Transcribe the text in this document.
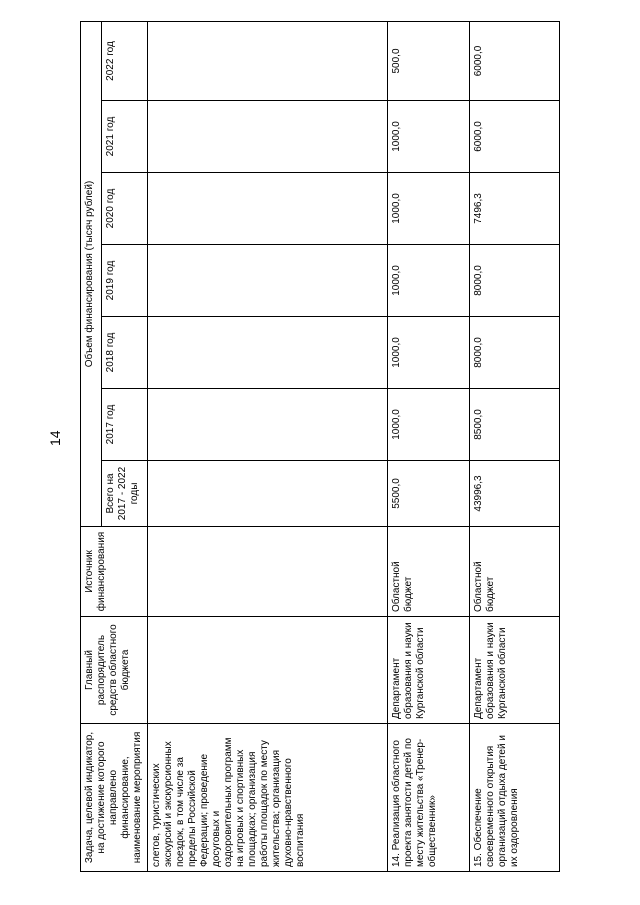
14
Задача, целевой индикатор, на достижение которого направлено финансирование, наименование мероприятия	Главный распорядитель средств областного бюджета	Источник финансирования	Объем финансирования (тысяч рублей)						
			Всего на 2017 - 2022 годы	2017 год	2018 год	2019 год	2020 год	2021 год	2022 год
слетов, туристических экскурсий и экскурсионных поездок, в том числе за пределы Российской Федерации; проведение досуговых и оздоровительных программ на игровых и спортивных площадках; организация работы площадок по месту жительства; организация духовно-нравственного воспитания									
14. Реализация областного проекта занятости детей по месту жительства «Тренер-общественник»	Департамент образования и науки Курганской области	Областной бюджет	5500,0	1000,0	1000,0	1000,0	1000,0	1000,0	500,0
15. Обеспечение своевременного открытия организаций отдыха детей и их оздоровления	Департамент образования и науки Курганской области	Областной бюджет	43996,3	8500,0	8000,0	8000,0	7496,3	6000,0	6000,0
